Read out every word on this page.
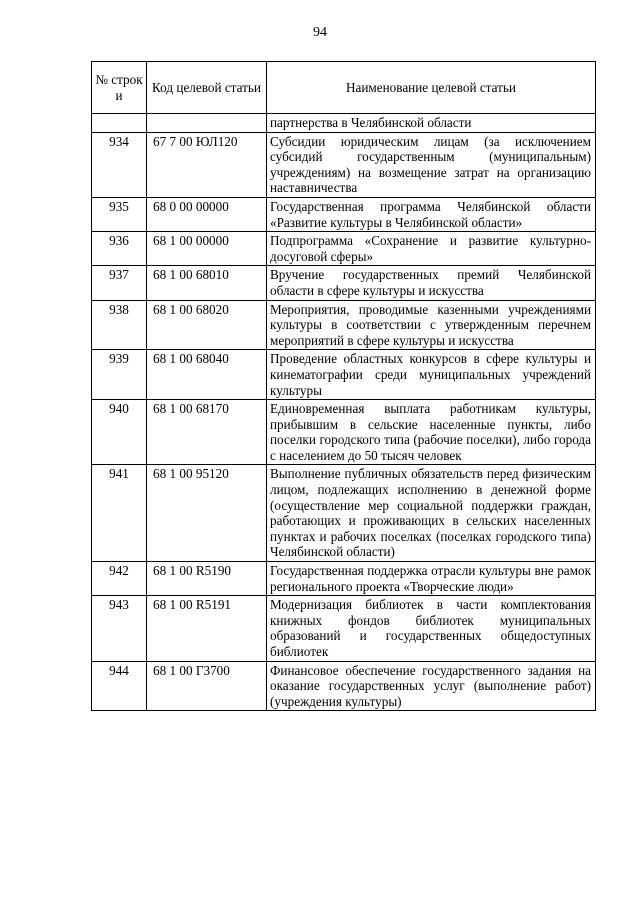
94
№ строк и	Код целевой статьи	Наименование целевой статьи
		партнерства в Челябинской области
934	67 7 00 ЮЛ120	Субсидии юридическим лицам (за исключением субсидий государственным (муниципальным) учреждениям) на возмещение затрат на организацию наставничества
935	68 0 00 00000	Государственная программа Челябинской области «Развитие культуры в Челябинской области»
936	68 1 00 00000	Подпрограмма «Сохранение и развитие культурно-досуговой сферы»
937	68 1 00 68010	Вручение государственных премий Челябинской области в сфере культуры и искусства
938	68 1 00 68020	Мероприятия, проводимые казенными учреждениями культуры в соответствии с утвержденным перечнем мероприятий в сфере культуры и искусства
939	68 1 00 68040	Проведение областных конкурсов в сфере культуры и кинематографии среди муниципальных учреждений культуры
940	68 1 00 68170	Единовременная выплата работникам культуры, прибывшим в сельские населенные пункты, либо поселки городского типа (рабочие поселки), либо города с населением до 50 тысяч человек
941	68 1 00 95120	Выполнение публичных обязательств перед физическим лицом, подлежащих исполнению в денежной форме (осуществление мер социальной поддержки граждан, работающих и проживающих в сельских населенных пунктах и рабочих поселках (поселках городского типа) Челябинской области)
942	68 1 00 R5190	Государственная поддержка отрасли культуры вне рамок регионального проекта «Творческие люди»
943	68 1 00 R5191	Модернизация библиотек в части комплектования книжных фондов библиотек муниципальных образований и государственных общедоступных библиотек
944	68 1 00 Г3700	Финансовое обеспечение государственного задания на оказание государственных услуг (выполнение работ) (учреждения культуры)
